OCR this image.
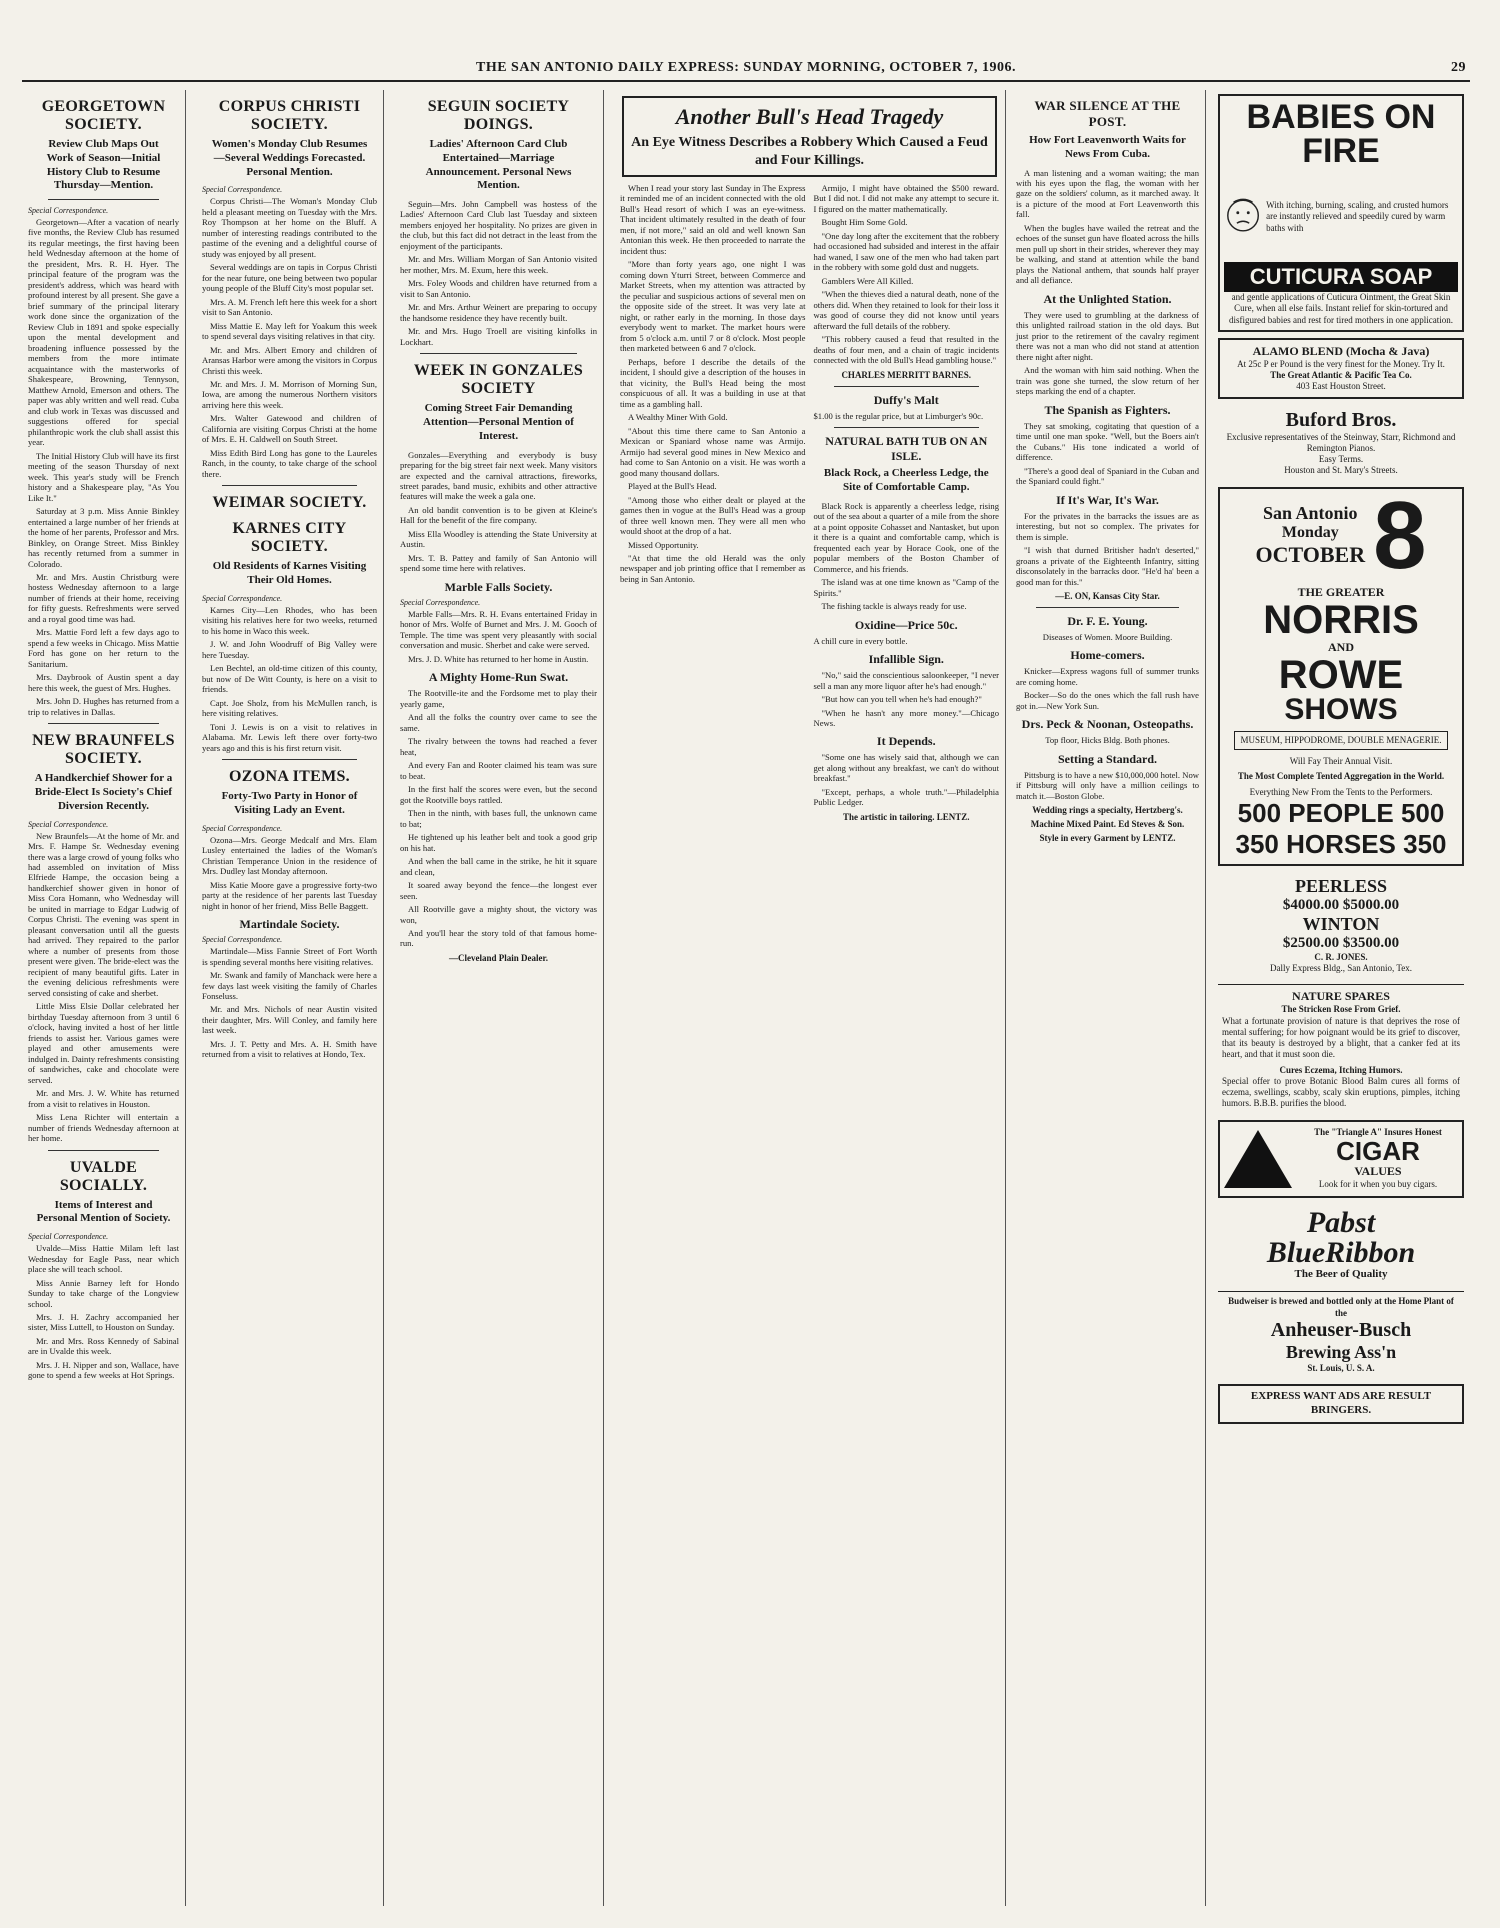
THE SAN ANTONIO DAILY EXPRESS: SUNDAY MORNING, OCTOBER 7, 1906.	29
GEORGETOWN SOCIETY.
Review Club Maps Out Work of Season—Initial History Club to Resume Thursday—Mention.
Special Correspondence.

Georgetown—After a vacation of nearly five months, the Review Club has resumed its regular meetings, the first having been held Wednesday afternoon at the home of the president, Mrs. R. H. Hyer. The principal feature of the program was the president's address, which was heard with profound interest by all present. She gave a brief summary of the principal literary work done since the organization of the Review Club in 1891 and spoke especially upon the mental development and broadening influence possessed by the members from the more intimate acquaintance with the masterworks of Shakespeare, Browning, Tennyson, Matthew Arnold, Emerson and others. The paper was ably written and well read. Cuba and club work in Texas was discussed and suggestions offered for special philanthropic work the club shall assist this year.

The Initial History Club will have its first meeting of the season Thursday of next week. This year's study will be French history and a Shakespeare play, "As You Like It."

Saturday at 3 p.m. Miss Annie Binkley entertained a large number of her friends at the home of her parents, Professor and Mrs. Binkley, on Orange Street. Miss Binkley has recently returned from a summer in Colorado.

Mr. and Mrs. Austin Christburg were hostess Wednesday afternoon to a large number of friends at their home, receiving for fifty guests. Refreshments were served and a royal good time was had.

Mrs. Mattie Ford left a few days ago to spend a few weeks in Chicago. Miss Mattie Ford has gone on her return to the Sanitarium.

Mrs. Daybrook of Austin spent a day here this week, the guest of Mrs. Hughes.

Mrs. John D. Hughes has returned from a trip to relatives in Dallas.

NEW BRAUNFELS SOCIETY.
A Handkerchief Shower for a Bride-Elect Is Society's Chief Diversion Recently.
Special Correspondence.

New Braunfels—At the home of Mr. and Mrs. F. Hampe Sr. Wednesday evening there was a large crowd of young folks who had assembled on invitation of Miss Elfriede Hampe, the occasion being a handkerchief shower given in honor of Miss Cora Homann, who Wednesday will be united in marriage to Edgar Ludwig of Corpus Christi. The evening was spent in pleasant conversation until all the guests had arrived. They repaired to the parlor where a number of presents from those present were given. The bride-elect was the recipient of many beautiful gifts. Later in the evening delicious refreshments were served consisting of cake and sherbet.

Little Miss Elsie Dollar celebrated her birthday Tuesday afternoon from 3 until 6 o'clock, having invited a host of her little friends to assist her. Various games were played and other amusements were indulged in. Dainty refreshments consisting of sandwiches, cake and chocolate were served.

Mr. and Mrs. J. W. White has returned from a visit to relatives in Houston.

Miss Lena Richter will entertain a number of friends Wednesday afternoon at her home.

UVALDE SOCIALLY.
Items of Interest and Personal Mention of Society.
Special Correspondence.

Uvalde—Miss Hattie Milam left last Wednesday for Eagle Pass, near which place she will teach school.

Miss Annie Barney left for Hondo Sunday to take charge of the Longview school.

Mrs. J. H. Zachry accompanied her sister, Miss Luttell, to Houston on Sunday.

Mr. and Mrs. Ross Kennedy of Sabinal are in Uvalde this week.

Mrs. J. H. Nipper and son, Wallace, have gone to spend a few weeks at Hot Springs.

CORPUS CHRISTI SOCIETY.
Women's Monday Club Resumes—Several Weddings Forecasted. Personal Mention.
Special Correspondence.

Corpus Christi—The Woman's Monday Club held a pleasant meeting on Tuesday with the Mrs. Roy Thompson at her home on the Bluff. A number of interesting readings contributed to the pastime of the evening and a delightful course of study was enjoyed by all present.

Several weddings are on tapis in Corpus Christi for the near future, one being between two popular young people of the Bluff City's most popular set.

Mrs. A. M. French left here this week for a short visit to San Antonio.

Miss Mattie E. May left for Yoakum this week to spend several days visiting relatives in that city.

Mr. and Mrs. Albert Emory and children of Aransas Harbor were among the visitors in Corpus Christi this week.

Mr. and Mrs. J. M. Morrison of Morning Sun, Iowa, are among the numerous Northern visitors arriving here this week.

Mrs. Walter Gatewood and children of California are visiting Corpus Christi at the home of Mrs. E. H. Caldwell on South Street.

Miss Edith Bird Long has gone to the Laureles Ranch, in the county, to take charge of the school there.

WEIMAR SOCIETY.
KARNES CITY SOCIETY.
Old Residents of Karnes Visiting Their Old Homes.
Special Correspondence.

Karnes City—Len Rhodes, who has been visiting his relatives here for two weeks, returned to his home in Waco this week.

J. W. and John Woodruff of Big Valley were here Tuesday.

Len Bechtel, an old-time citizen of this county, but now of De Witt County, is here on a visit to friends.

Capt. Joe Sholz, from his McMullen ranch, is here visiting relatives.

Toni J. Lewis is on a visit to relatives in Alabama. Mr. Lewis left there over forty-two years ago and this is his first return visit.

OZONA ITEMS.
Forty-Two Party in Honor of Visiting Lady an Event.
Special Correspondence.

Ozona—Mrs. George Medcalf and Mrs. Elam Lusley entertained the ladies of the Woman's Christian Temperance Union in the residence of Mrs. Dudley last Monday afternoon.

Miss Katie Moore gave a progressive forty-two party at the residence of her parents last Tuesday night in honor of her friend, Miss Belle Baggett.

Martindale Society.
Special Correspondence.

Martindale—Miss Fannie Street of Fort Worth is spending several months here visiting relatives.

Mr. Swank and family of Manchack were here a few days last week visiting the family of Charles Fonseluss.

Mr. and Mrs. Nichols of near Austin visited their daughter, Mrs. Will Conley, and family here last week.

Mrs. J. T. Petty and Mrs. A. H. Smith have returned from a visit to relatives at Hondo, Tex.

SEGUIN SOCIETY DOINGS.
Ladies' Afternoon Card Club Entertained—Marriage Announcement. Personal News Mention.

Seguin—Mrs. John Campbell was hostess of the Ladies' Afternoon Card Club last Tuesday and sixteen members enjoyed her hospitality. No prizes are given in the club, but this fact did not detract in the least from the enjoyment of the participants.

Mr. and Mrs. William Morgan of San Antonio visited her mother, Mrs. M. Exum, here this week.

Mrs. Foley Woods and children have returned from a visit to San Antonio.

Mr. and Mrs. Arthur Weinert are preparing to occupy the handsome residence they have recently built.

Mr. and Mrs. Hugo Troell are visiting kinfolks in Lockhart.

WEEK IN GONZALES SOCIETY
Coming Street Fair Demanding Attention—Personal Mention of Interest.

Gonzales—Everything and everybody is busy preparing for the big street fair next week. Many visitors are expected and the carnival attractions, fireworks, street parades, band music, exhibits and other attractive features will make the week a gala one.

An old bandit convention is to be given at Kleine's Hall for the benefit of the fire company.

Miss Ella Woodley is attending the State University at Austin.

Mrs. T. B. Pattey and family of San Antonio will spend some time here with relatives.

Marble Falls Society.
Special Correspondence.

Marble Falls—Mrs. R. H. Evans entertained Friday in honor of Mrs. Wolfe of Burnet and Mrs. J. M. Gooch of Temple. The time was spent very pleasantly with social conversation and music. Sherbet and cake were served.

Mrs. J. D. White has returned to her home in Austin.

A Mighty Home-Run Swat.

The Rootville-ite and the Fordsome met to play their yearly game,

And all the folks the country over came to see the same.

The rivalry between the towns had reached a fever heat,

And every Fan and Rooter claimed his team was sure to beat.

In the first half the scores were even, but the second got the Rootville boys rattled.

Then in the ninth, with bases full, the unknown came to bat;

He tightened up his leather belt and took a good grip on his hat.

And when the ball came in the strike, he hit it square and clean,

It soared away beyond the fence—the longest ever seen.

All Rootville gave a mighty shout, the victory was won,

And you'll hear the story told of that famous home-run.

—Cleveland Plain Dealer.
Another Bull's Head Tragedy
An Eye Witness Describes a Robbery Which Caused a Feud and Four Killings.

When I read your story last Sunday in The Express it reminded me of an incident connected with the old Bull's Head resort of which I was an eye-witness. That incident ultimately resulted in the death of four men, if not more," said an old and well known San Antonian this week. He then proceeded to narrate the incident thus:

"More than forty years ago, one night I was coming down Yturri Street, between Commerce and Market Streets, when my attention was attracted by the peculiar and suspicious actions of several men on the opposite side of the street. It was very late at night, or rather early in the morning. In those days everybody went to market. The market hours were from 5 o'clock a.m. until 7 or 8 o'clock. Most people then marketed between 6 and 7 o'clock.

Perhaps, before I describe the details of the incident, I should give a description of the houses in that vicinity, the Bull's Head being the most conspicuous of all. It was a building in use at that time as a gambling hall.

A Wealthy Miner With Gold.

"About this time there came to San Antonio a Mexican or Spaniard whose name was Armijo. Armijo had several good mines in New Mexico and had come to San Antonio on a visit. He was worth a good many thousand dollars.

Played at the Bull's Head.

"Among those who either dealt or played at the games then in vogue at the Bull's Head was a group of three well known men. They were all men who would shoot at the drop of a hat.

Missed Opportunity.

"At that time the old Herald was the only newspaper and job printing office that I remember as being in San Antonio.

Armijo, I might have obtained the $500 reward. But I did not. I did not make any attempt to secure it. I figured on the matter mathematically.

Bought Him Some Gold.

"One day long after the excitement that the robbery had occasioned had subsided and interest in the affair had waned, I saw one of the men who had taken part in the robbery with some gold dust and nuggets.

Gamblers Were All Killed.

"When the thieves died a natural death, none of the others did. When they retained to look for their loss it was good of course they did not know until years afterward the full details of the robbery.

"This robbery caused a feud that resulted in the deaths of four men, and a chain of tragic incidents connected with the old Bull's Head gambling house."

CHARLES MERRITT BARNES.
Duffy's Malt
$1.00 is the regular price, but at Limburger's 90c.
NATURAL BATH TUB ON AN ISLE.
Black Rock, a Cheerless Ledge, the Site of Comfortable Camp.

Black Rock is apparently a cheerless ledge, rising out of the sea about a quarter of a mile from the shore at a point opposite Cohasset and Nantasket, but upon it there is a quaint and comfortable camp, which is frequented each year by Horace Cook, one of the popular members of the Boston Chamber of Commerce, and his friends.

The island was at one time known as "Camp of the Spirits."

The fishing tackle is always ready for use.

Oxidine—Price 50c.
A chill cure in every bottle.
Infallible Sign.

"No," said the conscientious saloonkeeper, "I never sell a man any more liquor after he's had enough."

"But how can you tell when he's had enough?"

"When he hasn't any more money."—Chicago News.

It Depends.

"Some one has wisely said that, although we can get along without any breakfast, we can't do without breakfast."

"Except, perhaps, a whole truth."—Philadelphia Public Ledger.

The artistic in tailoring. LENTZ.
WAR SILENCE AT THE POST.
How Fort Leavenworth Waits for News From Cuba.

A man listening and a woman waiting; the man with his eyes upon the flag, the woman with her gaze on the soldiers' column, as it marched away. It is a picture of the mood at Fort Leavenworth this fall.

When the bugles have wailed the retreat and the echoes of the sunset gun have floated across the hills men pull up short in their strides, wherever they may be walking, and stand at attention while the band plays the National anthem, that sounds half prayer and all defiance.

At the Unlighted Station.

They were used to grumbling at the darkness of this unlighted railroad station in the old days. But just prior to the retirement of the cavalry regiment there was not a man who did not stand at attention there night after night.

And the woman with him said nothing. When the train was gone she turned, the slow return of her steps marking the end of a chapter.

The Spanish as Fighters.

They sat smoking, cogitating that question of a time until one man spoke. "Well, but the Boers ain't the Cubans." His tone indicated a world of difference.

"There's a good deal of Spaniard in the Cuban and the Spaniard could fight."

If It's War, It's War.

For the privates in the barracks the issues are as interesting, but not so complex. The privates for them is simple.

"I wish that durned Britisher hadn't deserted," groans a private of the Eighteenth Infantry, sitting disconsolately in the barracks door. "He'd ha' been a good man for this."

—E. ON, Kansas City Star.
Dr. F. E. Young.
Diseases of Women. Moore Building.
Home-comers.

Knicker—Express wagons full of summer trunks are coming home.

Bocker—So do the ones which the fall rush have got in.—New York Sun.

Drs. Peck & Noonan, Osteopaths.
Top floor, Hicks Bldg. Both phones.
Setting a Standard.

Pittsburg is to have a new $10,000,000 hotel. Now if Pittsburg will only have a million ceilings to match it.—Boston Globe.

Wedding rings a specialty, Hertzberg's.
Machine Mixed Paint. Ed Steves & Son.
Style in every Garment by LENTZ.
BABIES ON FIRE
With itching, burning, scaling, and crusted humors are instantly relieved and speedily cured by warm baths with
CUTICURA SOAP
and gentle applications of Cuticura Ointment, the Great Skin Cure, when all else fails. Instant relief for skin-tortured and disfigured babies and rest for tired mothers in one application.
ALAMO BLEND (Mocha & Java)
At 25c P er Pound is the very finest for the Money. Try It.
The Great Atlantic & Pacific Tea Co.
403 East Houston Street.
Buford Bros.
Exclusive representatives of the Steinway, Starr, Richmond and Remington Pianos.
Easy Terms.
Houston and St. Mary's Streets.
San Antonio
Monday
OCTOBER 8
THE GREATER
NORRIS
AND
ROWE
SHOWS
MUSEUM, HIPPODROME, DOUBLE MENAGERIE.
Will Fay Their Annual Visit.
The Most Complete Tented Aggregation in the World.
Everything New From the Tents to the Performers.
500 PEOPLE 500
350 HORSES 350
PEERLESS
$4000.00 $5000.00
WINTON
$2500.00 $3500.00
C. R. JONES.
Dally Express Bldg., San Antonio, Tex.
NATURE SPARES
The Stricken Rose From Grief.
What a fortunate provision of nature is that deprives the rose of mental suffering; for how poignant would be its grief to discover, that its beauty is destroyed by a blight, that a canker fed at its heart, and that it must soon die.
Cures Eczema, Itching Humors.
Special offer to prove Botanic Blood Balm cures all forms of eczema, swellings, scabby, scaly skin eruptions, pimples, itching humors. B.B.B. purifies the blood.
The "Triangle A" Insures Honest
CIGAR
VALUES
Look for it when you buy cigars.
Pabst
BlueRibbon
The Beer of Quality
Budweiser is brewed and bottled only at the Home Plant of the
Anheuser-Busch
Brewing Ass'n
St. Louis, U. S. A.
EXPRESS WANT ADS ARE RESULT BRINGERS.
